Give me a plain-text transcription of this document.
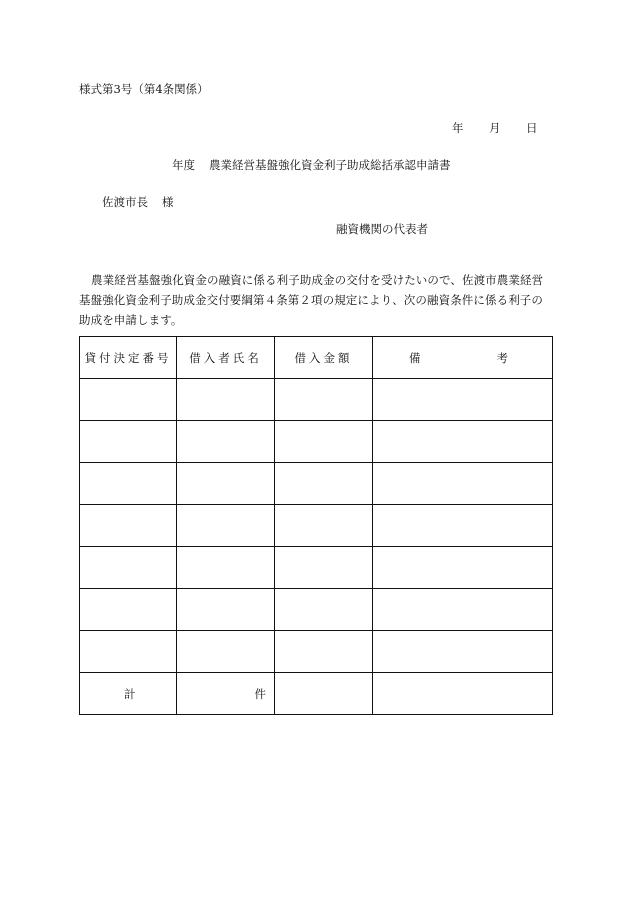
様式第3号（第4条関係）
年 月 日
年度 農業経営基盤強化資金利子助成総括承認申請書
佐渡市長 様
融資機関の代表者
農業経営基盤強化資金の融資に係る利子助成金の交付を受けたいので、佐渡市農業経営基盤強化資金利子助成金交付要綱第４条第２項の規定により、次の融資条件に係る利子の助成を申請します。
貸付決定番号	借入者氏名	借入金額	備 考

計	件		
